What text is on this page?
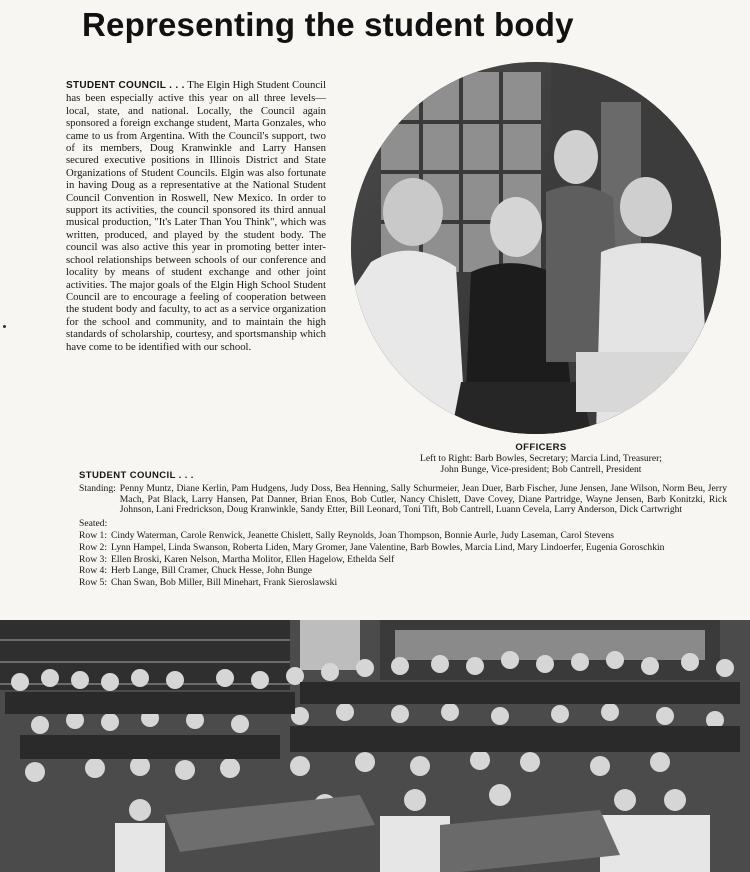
Representing the student body
STUDENT COUNCIL . . . The Elgin High Student Council has been especially active this year on all three levels—local, state, and national. Locally, the Council again sponsored a foreign exchange student, Marta Gonzales, who came to us from Argentina. With the Council's support, two of its members, Doug Kranwinkle and Larry Hansen secured executive positions in Illinois District and State Organizations of Student Councils. Elgin was also fortunate in having Doug as a representative at the National Student Council Convention in Roswell, New Mexico. In order to support its activities, the council sponsored its third annual musical production, "It's Later Than You Think", which was written, produced, and played by the student body. The council was also active this year in promoting better inter-school relationships between schools of our conference and locality by means of student exchange and other joint activities. The major goals of the Elgin High School Student Council are to encourage a feeling of cooperation between the student body and faculty, to act as a service organization for the school and community, and to maintain the high standards of scholarship, courtesy, and sportsmanship which have come to be identified with our school.
OFFICERS
Left to Right: Barb Bowles, Secretary; Marcia Lind, Treasurer;
John Bunge, Vice-president; Bob Cantrell, President
STUDENT COUNCIL . . .
Standing: Penny Muntz, Diane Kerlin, Pam Hudgens, Judy Doss, Bea Henning, Sally Schurmeier, Jean Duer, Barb Fischer, June Jensen, Jane Wilson, Norm Beu, Jerry Mach, Pat Black, Larry Hansen, Pat Danner, Brian Enos, Bob Cutler, Nancy Chislett, Dave Covey, Diane Partridge, Wayne Jensen, Barb Konitzki, Rick Johnson, Lani Fredrickson, Doug Kranwinkle, Sandy Etter, Bill Leonard, Toni Tift, Bob Cantrell, Luann Cevela, Larry Anderson, Dick Cartwright
Seated:
Row 1: Cindy Waterman, Carole Renwick, Jeanette Chislett, Sally Reynolds, Joan Thompson, Bonnie Aurle, Judy Laseman, Carol Stevens
Row 2: Lynn Hampel, Linda Swanson, Roberta Liden, Mary Gromer, Jane Valentine, Barb Bowles, Marcia Lind, Mary Lindoerfer, Eugenia Goroschkin
Row 3: Ellen Broski, Karen Nelson, Martha Molitor, Ellen Hagelow, Ethelda Self
Row 4: Herb Lange, Bill Cramer, Chuck Hesse, John Bunge
Row 5: Chan Swan, Bob Miller, Bill Minehart, Frank Sieroslawski
